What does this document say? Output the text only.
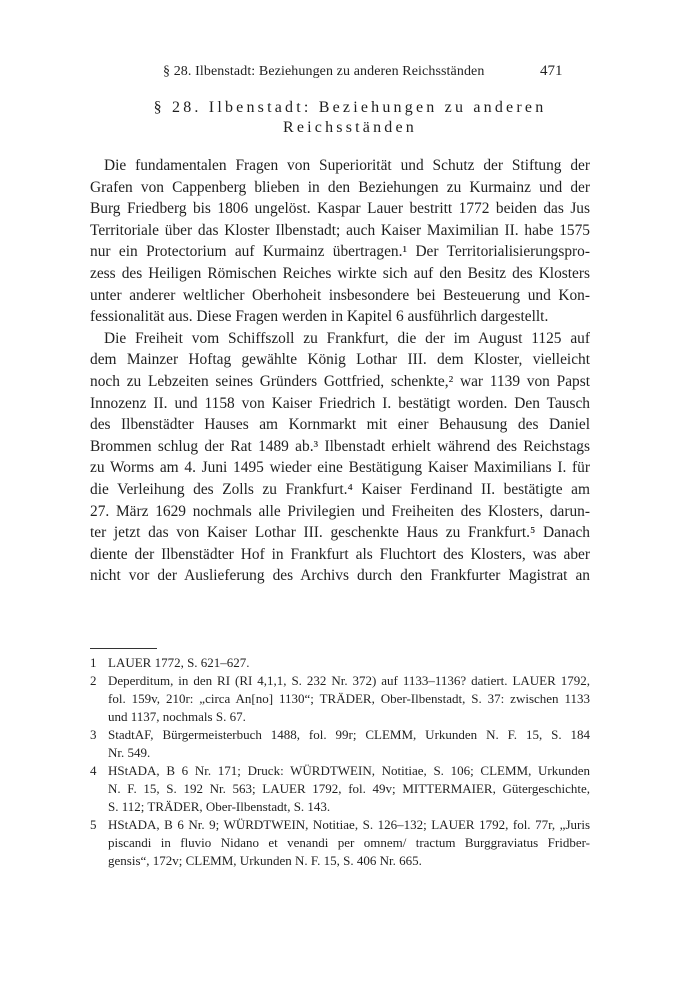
§ 28. Ilbenstadt: Beziehungen zu anderen Reichsständen	471
§ 28. Ilbenstadt: Beziehungen zu anderen
Reichsständen
Die fundamentalen Fragen von Superiorität und Schutz der Stiftung der
Grafen von Cappenberg blieben in den Beziehungen zu Kurmainz und der
Burg Friedberg bis 1806 ungelöst. Kaspar Lauer bestritt 1772 beiden das Jus
Territoriale über das Kloster Ilbenstadt; auch Kaiser Maximilian II. habe 1575
nur ein Protectorium auf Kurmainz übertragen.¹ Der Territorialisierungspro-
zess des Heiligen Römischen Reiches wirkte sich auf den Besitz des Klosters
unter anderer weltlicher Oberhoheit insbesondere bei Besteuerung und Kon-
fessionalität aus. Diese Fragen werden in Kapitel 6 ausführlich dargestellt.
Die Freiheit vom Schiffszoll zu Frankfurt, die der im August 1125 auf
dem Mainzer Hoftag gewählte König Lothar III. dem Kloster, vielleicht
noch zu Lebzeiten seines Gründers Gottfried, schenkte,² war 1139 von Papst
Innozenz II. und 1158 von Kaiser Friedrich I. bestätigt worden. Den Tausch
des Ilbenstädter Hauses am Kornmarkt mit einer Behausung des Daniel
Brommen schlug der Rat 1489 ab.³ Ilbenstadt erhielt während des Reichstags
zu Worms am 4. Juni 1495 wieder eine Bestätigung Kaiser Maximilians I. für
die Verleihung des Zolls zu Frankfurt.⁴ Kaiser Ferdinand II. bestätigte am
27. März 1629 nochmals alle Privilegien und Freiheiten des Klosters, darun-
ter jetzt das von Kaiser Lothar III. geschenkte Haus zu Frankfurt.⁵ Danach
diente der Ilbenstädter Hof in Frankfurt als Fluchtort des Klosters, was aber
nicht vor der Auslieferung des Archivs durch den Frankfurter Magistrat an
1 LAUER 1772, S. 621–627.
2 Deperditum, in den RI (RI 4,1,1, S. 232 Nr. 372) auf 1133–1136? datiert. LAUER 1792,
fol. 159v, 210r: „circa An[no] 1130“; TRÄDER, Ober-Ilbenstadt, S. 37: zwischen 1133
und 1137, nochmals S. 67.
3 StadtAF, Bürgermeisterbuch 1488, fol. 99r; CLEMM, Urkunden N. F. 15, S. 184
Nr. 549.
4 HStADA, B 6 Nr. 171; Druck: WÜRDTWEIN, Notitiae, S. 106; CLEMM, Urkunden
N. F. 15, S. 192 Nr. 563; LAUER 1792, fol. 49v; MITTERMAIER, Gütergeschichte,
S. 112; TRÄDER, Ober-Ilbenstadt, S. 143.
5 HStADA, B 6 Nr. 9; WÜRDTWEIN, Notitiae, S. 126–132; LAUER 1792, fol. 77r, „Juris
piscandi in fluvio Nidano et venandi per omnem/ tractum Burggraviatus Fridber-
gensis“, 172v; CLEMM, Urkunden N. F. 15, S. 406 Nr. 665.
